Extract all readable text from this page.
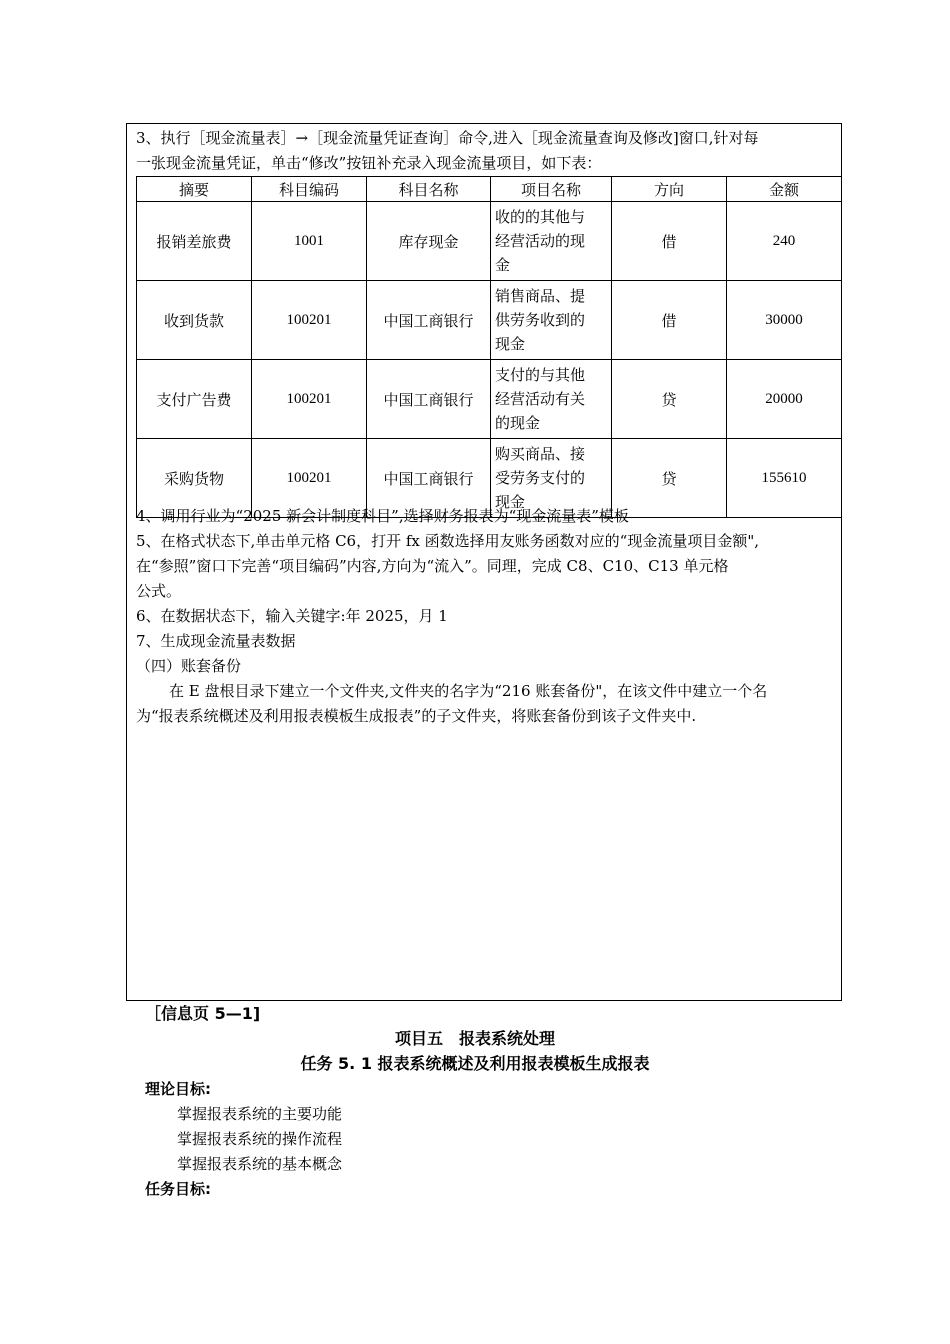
3、执行［现金流量表］→［现金流量凭证查询］命令,进入［现金流量查询及修改]窗口,针对每
一张现金流量凭证，单击“修改”按钮补充录入现金流量项目，如下表：
摘要	科目编码	科目名称	项目名称	方向	金额
报销差旅费	1001	库存现金	收的的其他与
经营活动的现
金	借	240
收到货款	100201	中国工商银行	销售商品、提
供劳务收到的
现金	借	30000
支付广告费	100201	中国工商银行	支付的与其他
经营活动有关
的现金	贷	20000
采购货物	100201	中国工商银行	购买商品、接
受劳务支付的
现金	贷	155610
4、调用行业为“2025 新会计制度科目”,选择财务报表为“现金流量表”模板
5、在格式状态下,单击单元格 C6，打开 fx 函数选择用友账务函数对应的“现金流量项目金额",
在“参照”窗口下完善“项目编码”内容,方向为“流入”。同理，完成 C8、C10、C13 单元格
公式。
6、在数据状态下，输入关键字:年 2025，月 1
7、生成现金流量表数据
（四）账套备份
在 E 盘根目录下建立一个文件夹,文件夹的名字为“216 账套备份"，在该文件中建立一个名
为“报表系统概述及利用报表模板生成报表”的子文件夹，将账套备份到该子文件夹中.
［信息页 5—1]
项目五　报表系统处理
任务 5. 1 报表系统概述及利用报表模板生成报表
理论目标:
掌握报表系统的主要功能
掌握报表系统的操作流程
掌握报表系统的基本概念
任务目标:
